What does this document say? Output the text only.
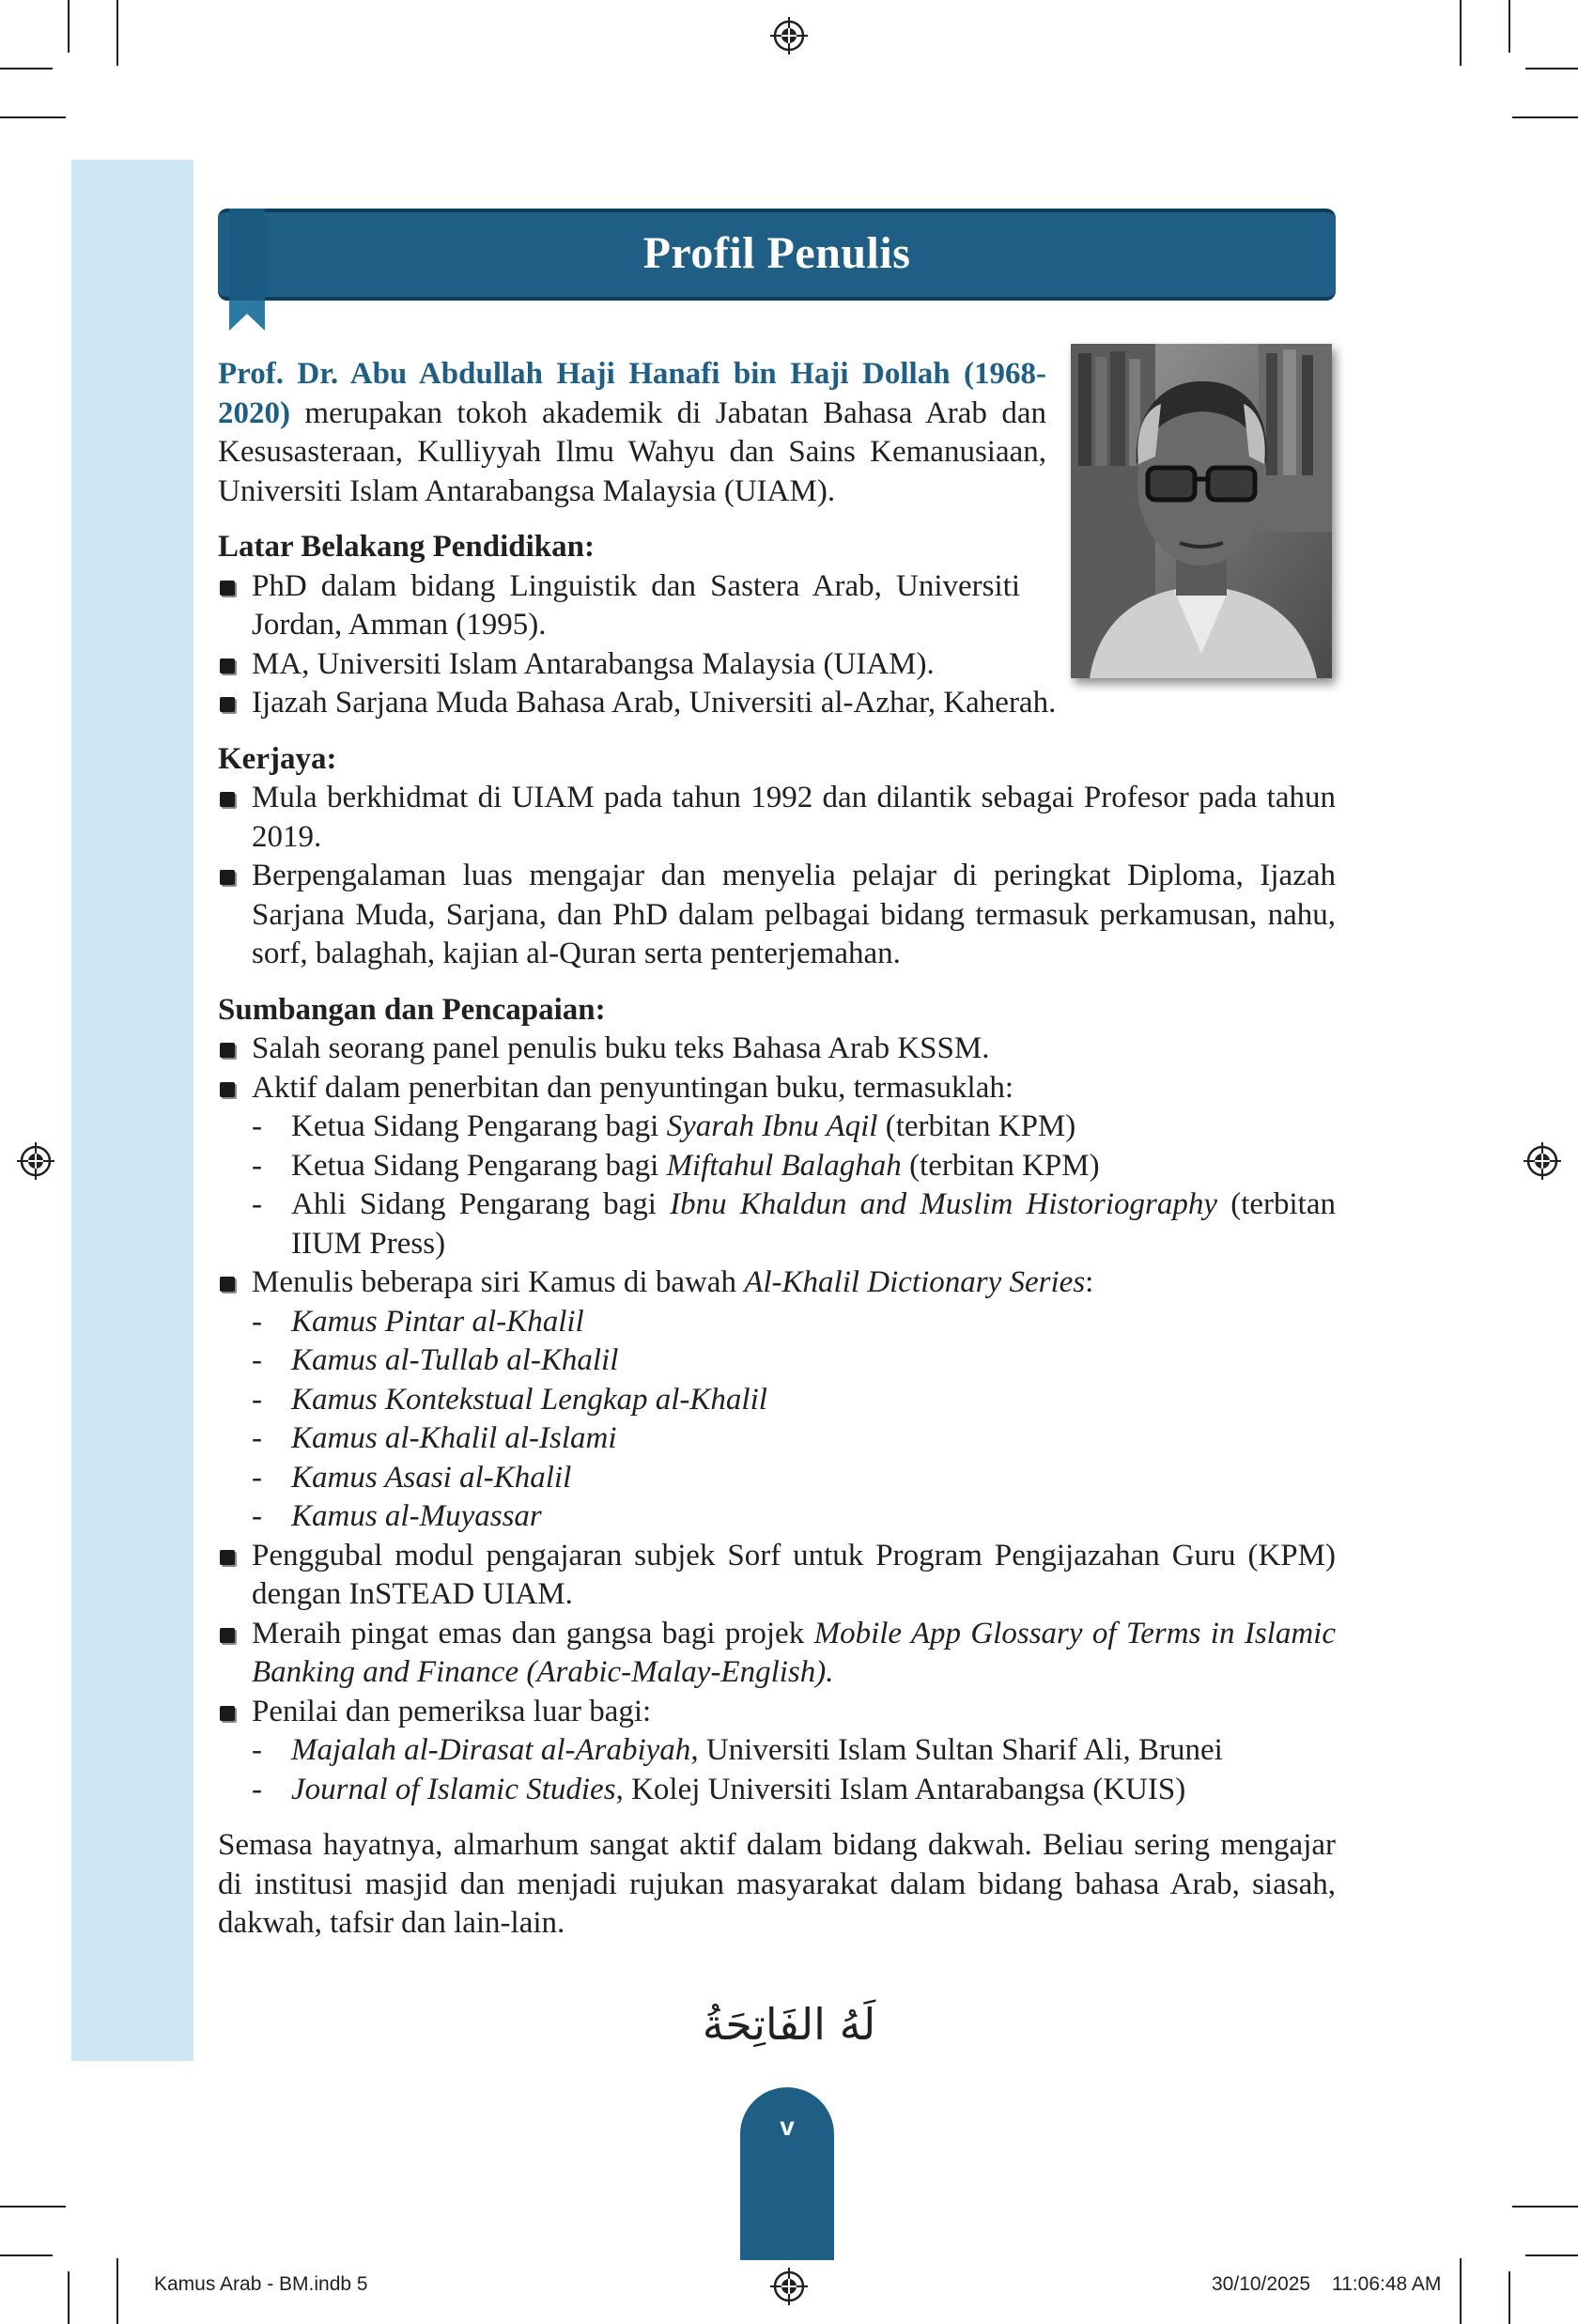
Profil Penulis

Prof. Dr. Abu Abdullah Haji Hanafi bin Haji Dollah (1968-2020) merupakan tokoh akademik di Jabatan Bahasa Arab dan Kesusasteraan, Kulliyyah Ilmu Wahyu dan Sains Kemanusiaan, Universiti Islam Antarabangsa Malaysia (UIAM).

Latar Belakang Pendidikan:

PhD dalam bidang Linguistik dan Sastera Arab, Universiti Jordan, Amman (1995).
MA, Universiti Islam Antarabangsa Malaysia (UIAM).
Ijazah Sarjana Muda Bahasa Arab, Universiti al-Azhar, Kaherah.

Kerjaya:

Mula berkhidmat di UIAM pada tahun 1992 dan dilantik sebagai Profesor pada tahun 2019.
Berpengalaman luas mengajar dan menyelia pelajar di peringkat Diploma, Ijazah Sarjana Muda, Sarjana, dan PhD dalam pelbagai bidang termasuk perkamusan, nahu, sorf, balaghah, kajian al-Quran serta penterjemahan.

Sumbangan dan Pencapaian:

Salah seorang panel penulis buku teks Bahasa Arab KSSM.
Aktif dalam penerbitan dan penyuntingan buku, termasuklah:
- Ketua Sidang Pengarang bagi Syarah Ibnu Aqil (terbitan KPM)
- Ketua Sidang Pengarang bagi Miftahul Balaghah (terbitan KPM)
- Ahli Sidang Pengarang bagi Ibnu Khaldun and Muslim Historiography (terbitan IIUM Press)
Menulis beberapa siri Kamus di bawah Al-Khalil Dictionary Series:
- Kamus Pintar al-Khalil
- Kamus al-Tullab al-Khalil
- Kamus Kontekstual Lengkap al-Khalil
- Kamus al-Khalil al-Islami
- Kamus Asasi al-Khalil
- Kamus al-Muyassar
Penggubal modul pengajaran subjek Sorf untuk Program Pengijazahan Guru (KPM) dengan InSTEAD UIAM.
Meraih pingat emas dan gangsa bagi projek Mobile App Glossary of Terms in Islamic Banking and Finance (Arabic-Malay-English).
Penilai dan pemeriksa luar bagi:
- Majalah al-Dirasat al-Arabiyah, Universiti Islam Sultan Sharif Ali, Brunei
- Journal of Islamic Studies, Kolej Universiti Islam Antarabangsa (KUIS)

Semasa hayatnya, almarhum sangat aktif dalam bidang dakwah. Beliau sering mengajar di institusi masjid dan menjadi rujukan masyarakat dalam bidang bahasa Arab, siasah, dakwah, tafsir dan lain-lain.

لَهُ الفَاتِحَةُ
v
Kamus Arab - BM.indb 5	30/10/2025 11:06:48 AM
